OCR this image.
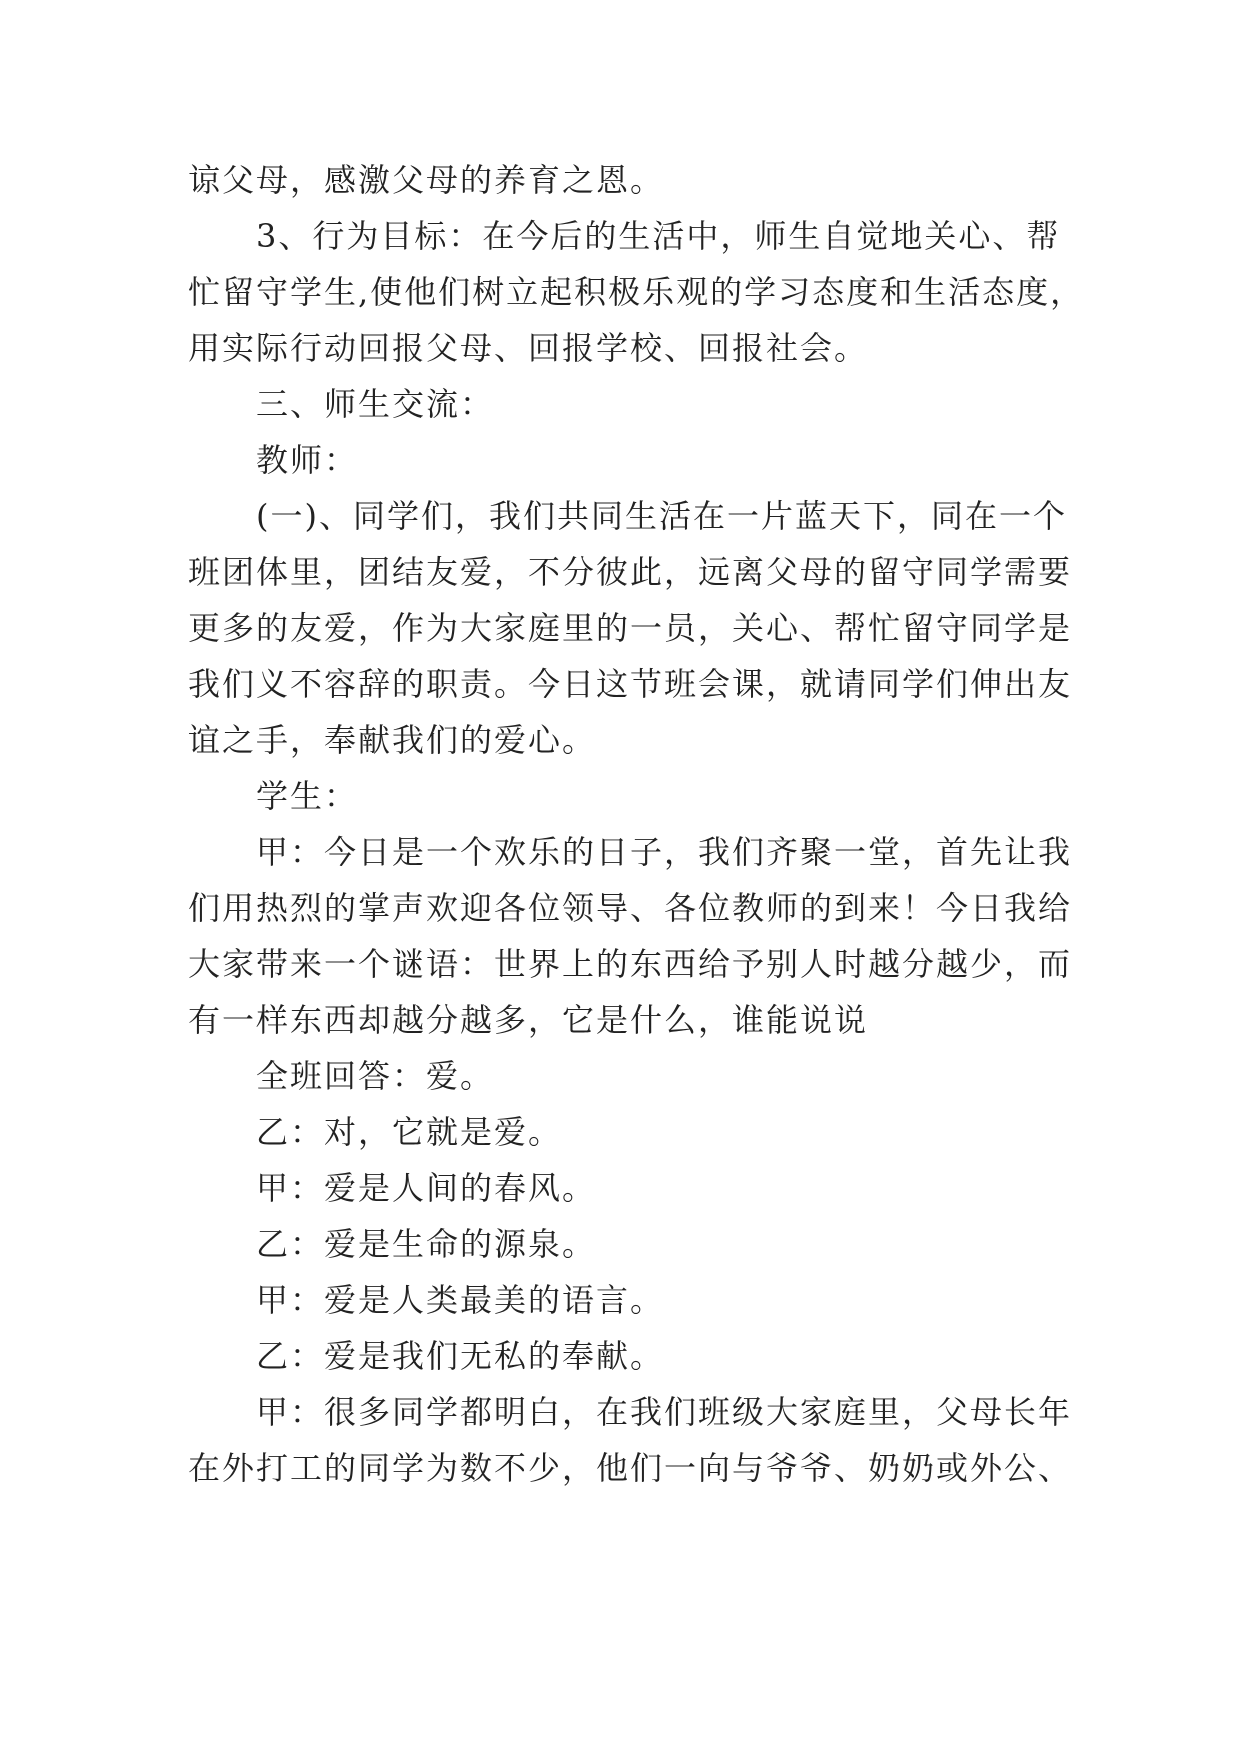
谅父母，感激父母的养育之恩。
3、行为目标：在今后的生活中，师生自觉地关心、帮
忙留守学生,使他们树立起积极乐观的学习态度和生活态度，
用实际行动回报父母、回报学校、回报社会。
三、师生交流：
教师：
(一)、同学们，我们共同生活在一片蓝天下，同在一个
班团体里，团结友爱，不分彼此，远离父母的留守同学需要
更多的友爱，作为大家庭里的一员，关心、帮忙留守同学是
我们义不容辞的职责。今日这节班会课，就请同学们伸出友
谊之手，奉献我们的爱心。
学生：
甲：今日是一个欢乐的日子，我们齐聚一堂，首先让我
们用热烈的掌声欢迎各位领导、各位教师的到来！今日我给
大家带来一个谜语：世界上的东西给予别人时越分越少，而
有一样东西却越分越多，它是什么，谁能说说
全班回答：爱。
乙：对，它就是爱。
甲：爱是人间的春风。
乙：爱是生命的源泉。
甲：爱是人类最美的语言。
乙：爱是我们无私的奉献。
甲：很多同学都明白，在我们班级大家庭里，父母长年
在外打工的同学为数不少，他们一向与爷爷、奶奶或外公、
